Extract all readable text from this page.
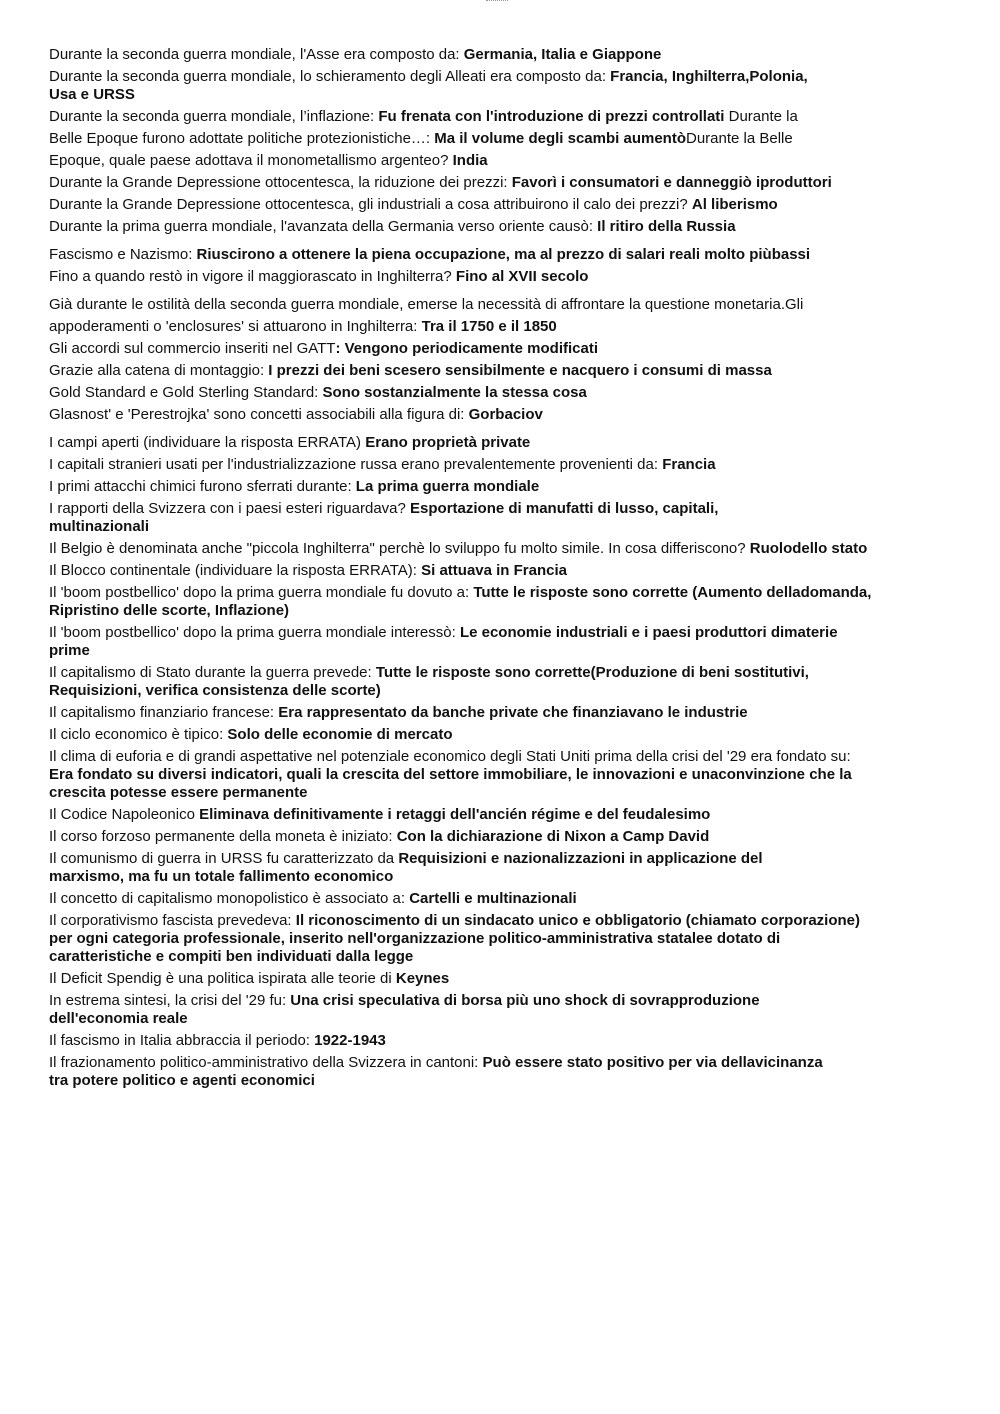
Durante la seconda guerra mondiale, l'Asse era composto da: Germania, Italia e Giappone
Durante la seconda guerra mondiale, lo schieramento degli Alleati era composto da: Francia, Inghilterra,Polonia,
Usa e URSS
Durante la seconda guerra mondiale, l’inflazione: Fu frenata con l'introduzione di prezzi controllati Durante la
Belle Epoque furono adottate politiche protezionistiche…: Ma il volume degli scambi aumentòDurante la Belle
Epoque, quale paese adottava il monometallismo argenteo? India
Durante la Grande Depressione ottocentesca, la riduzione dei prezzi: Favorì i consumatori e danneggiò iproduttori
Durante la Grande Depressione ottocentesca, gli industriali a cosa attribuirono il calo dei prezzi? Al liberismo
Durante la prima guerra mondiale, l'avanzata della Germania verso oriente causò: Il ritiro della Russia
Fascismo e Nazismo: Riuscirono a ottenere la piena occupazione, ma al prezzo di salari reali molto piùbassi
Fino a quando restò in vigore il maggiorascato in Inghilterra? Fino al XVII secolo
Già durante le ostilità della seconda guerra mondiale, emerse la necessità di affrontare la questione monetaria.Gli
appoderamenti o 'enclosures' si attuarono in Inghilterra: Tra il 1750 e il 1850
Gli accordi sul commercio inseriti nel GATT: Vengono periodicamente modificati
Grazie alla catena di montaggio: I prezzi dei beni scesero sensibilmente e nacquero i consumi di massa
Gold Standard e Gold Sterling Standard: Sono sostanzialmente la stessa cosa
Glasnost' e 'Perestrojka' sono concetti associabili alla figura di: Gorbaciov
I campi aperti (individuare la risposta ERRATA) Erano proprietà private
I capitali stranieri usati per l'industrializzazione russa erano prevalentemente provenienti da: Francia
I primi attacchi chimici furono sferrati durante: La prima guerra mondiale
I rapporti della Svizzera con i paesi esteri riguardava? Esportazione di manufatti di lusso, capitali,
multinazionali
Il Belgio è denominata anche "piccola Inghilterra" perchè lo sviluppo fu molto simile. In cosa differiscono? Ruolodello stato
Il Blocco continentale (individuare la risposta ERRATA): Si attuava in Francia
Il 'boom postbellico' dopo la prima guerra mondiale fu dovuto a: Tutte le risposte sono corrette (Aumento delladomanda,
Ripristino delle scorte, Inflazione)
Il 'boom postbellico' dopo la prima guerra mondiale interessò: Le economie industriali e i paesi produttori dimaterie
prime
Il capitalismo di Stato durante la guerra prevede: Tutte le risposte sono corrette(Produzione di beni sostitutivi,
Requisizioni, verifica consistenza delle scorte)
Il capitalismo finanziario francese: Era rappresentato da banche private che finanziavano le industrie
Il ciclo economico è tipico: Solo delle economie di mercato
Il clima di euforia e di grandi aspettative nel potenziale economico degli Stati Uniti prima della crisi del '29 era fondato su:
Era fondato su diversi indicatori, quali la crescita del settore immobiliare, le innovazioni e unaconvinzione che la
crescita potesse essere permanente
Il Codice Napoleonico Eliminava definitivamente i retaggi dell'ancién régime e del feudalesimo
Il corso forzoso permanente della moneta è iniziato: Con la dichiarazione di Nixon a Camp David
Il comunismo di guerra in URSS fu caratterizzato da Requisizioni e nazionalizzazioni in applicazione del
marxismo, ma fu un totale fallimento economico
Il concetto di capitalismo monopolistico è associato a: Cartelli e multinazionali
Il corporativismo fascista prevedeva: Il riconoscimento di un sindacato unico e obbligatorio (chiamato corporazione)
per ogni categoria professionale, inserito nell'organizzazione politico-amministrativa statalee dotato di
caratteristiche e compiti ben individuati dalla legge
Il Deficit Spendig è una politica ispirata alle teorie di Keynes
In estrema sintesi, la crisi del '29 fu: Una crisi speculativa di borsa più uno shock di sovrapproduzione
dell'economia reale
Il fascismo in Italia abbraccia il periodo: 1922-1943
Il frazionamento politico-amministrativo della Svizzera in cantoni: Può essere stato positivo per via dellavicinanza
tra potere politico e agenti economici
